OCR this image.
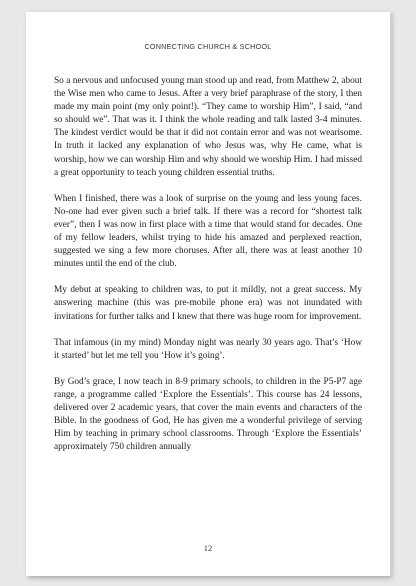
CONNECTING CHURCH & SCHOOL

So a nervous and unfocused young man stood up and read, from Matthew 2, about the Wise men who came to Jesus. After a very brief paraphrase of the story, I then made my main point (my only point!). “They came to worship Him”, I said, “and so should we”. That was it. I think the whole reading and talk lasted 3-4 minutes. The kindest verdict would be that it did not contain error and was not wearisome. In truth it lacked any explanation of who Jesus was, why He came, what is worship, how we can worship Him and why should we worship Him. I had missed a great opportunity to teach young children essential truths.

When I finished, there was a look of surprise on the young and less young faces. No-one had ever given such a brief talk. If there was a record for “shortest talk ever”, then I was now in first place with a time that would stand for decades. One of my fellow leaders, whilst trying to hide his amazed and perplexed reaction, suggested we sing a few more choruses. After all, there was at least another 10 minutes until the end of the club.

My debut at speaking to children was, to put it mildly, not a great success. My answering machine (this was pre-mobile phone era) was not inundated with invitations for further talks and I knew that there was huge room for improvement.

That infamous (in my mind) Monday night was nearly 30 years ago. That’s ‘How it started’ but let me tell you ‘How it’s going’.

By God’s grace, I now teach in 8-9 primary schools, to children in the P5-P7 age range, a programme called ‘Explore the Essentials’. This course has 24 lessons, delivered over 2 academic years, that cover the main events and characters of the Bible. In the goodness of God, He has given me a wonderful privilege of serving Him by teaching in primary school classrooms. Through ‘Explore the Essentials’ approximately 750 children annually

12
